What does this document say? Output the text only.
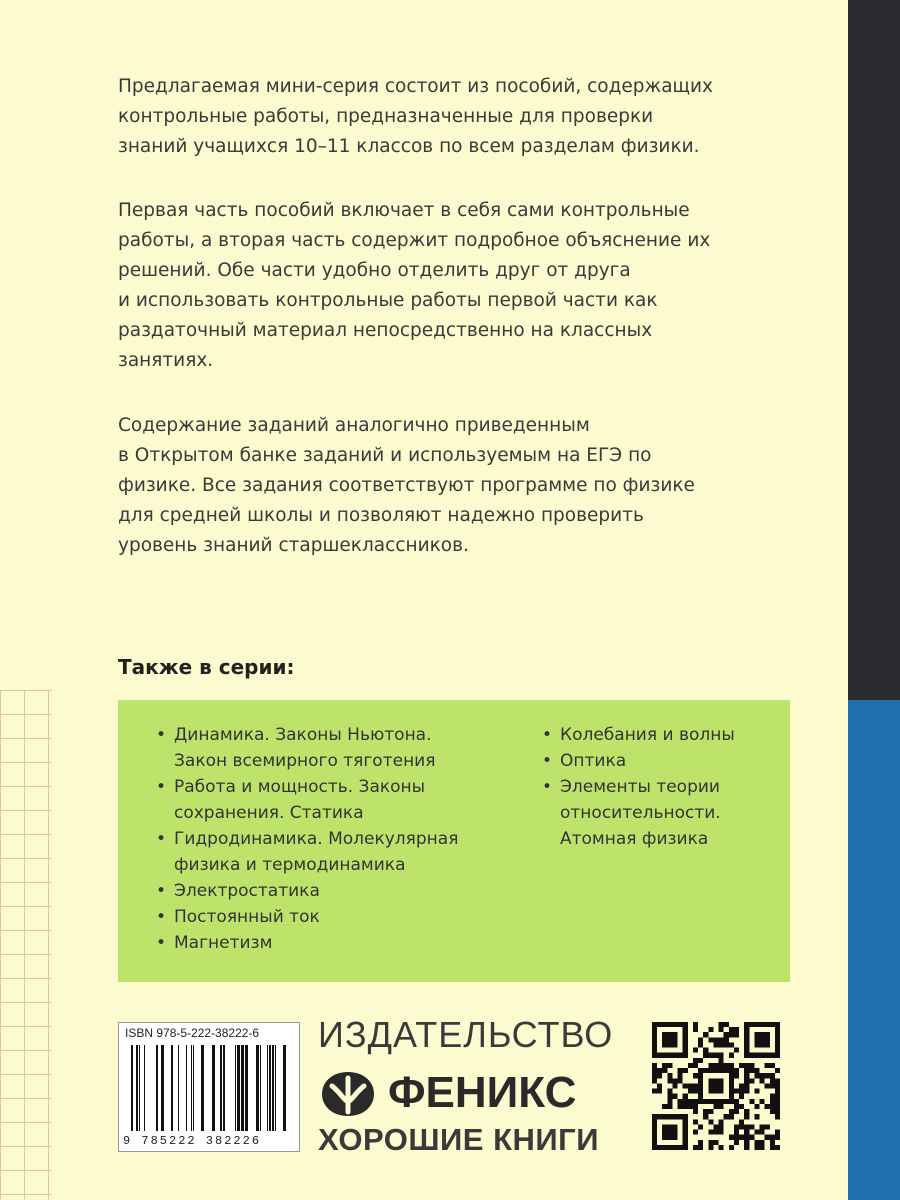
Предлагаемая мини-серия состоит из пособий, содержащих
контрольные работы, предназначенные для проверки
знаний учащихся 10–11 классов по всем разделам физики.
Первая часть пособий включает в себя сами контрольные
работы, а вторая часть содержит подробное объяснение их
решений. Обе части удобно отделить друг от друга
и использовать контрольные работы первой части как
раздаточный материал непосредственно на классных
занятиях.
Содержание заданий аналогично приведенным
в Открытом банке заданий и используемым на ЕГЭ по
физике. Все задания соответствуют программе по физике
для средней школы и позволяют надежно проверить
уровень знаний старшеклассников.
Также в серии:
• Динамика. Законы Ньютона.
Закон всемирного тяготения
• Работа и мощность. Законы
сохранения. Статика
• Гидродинамика. Молекулярная
физика и термодинамика
• Электростатика
• Постоянный ток
• Магнетизм
• Колебания и волны
• Оптика
• Элементы теории
относительности.
Атомная физика
ISBN 978-5-222-38222-6
9 785222 382226
ИЗДАТЕЛЬСТВО
ФЕНИКС
ХОРОШИЕ КНИГИ
